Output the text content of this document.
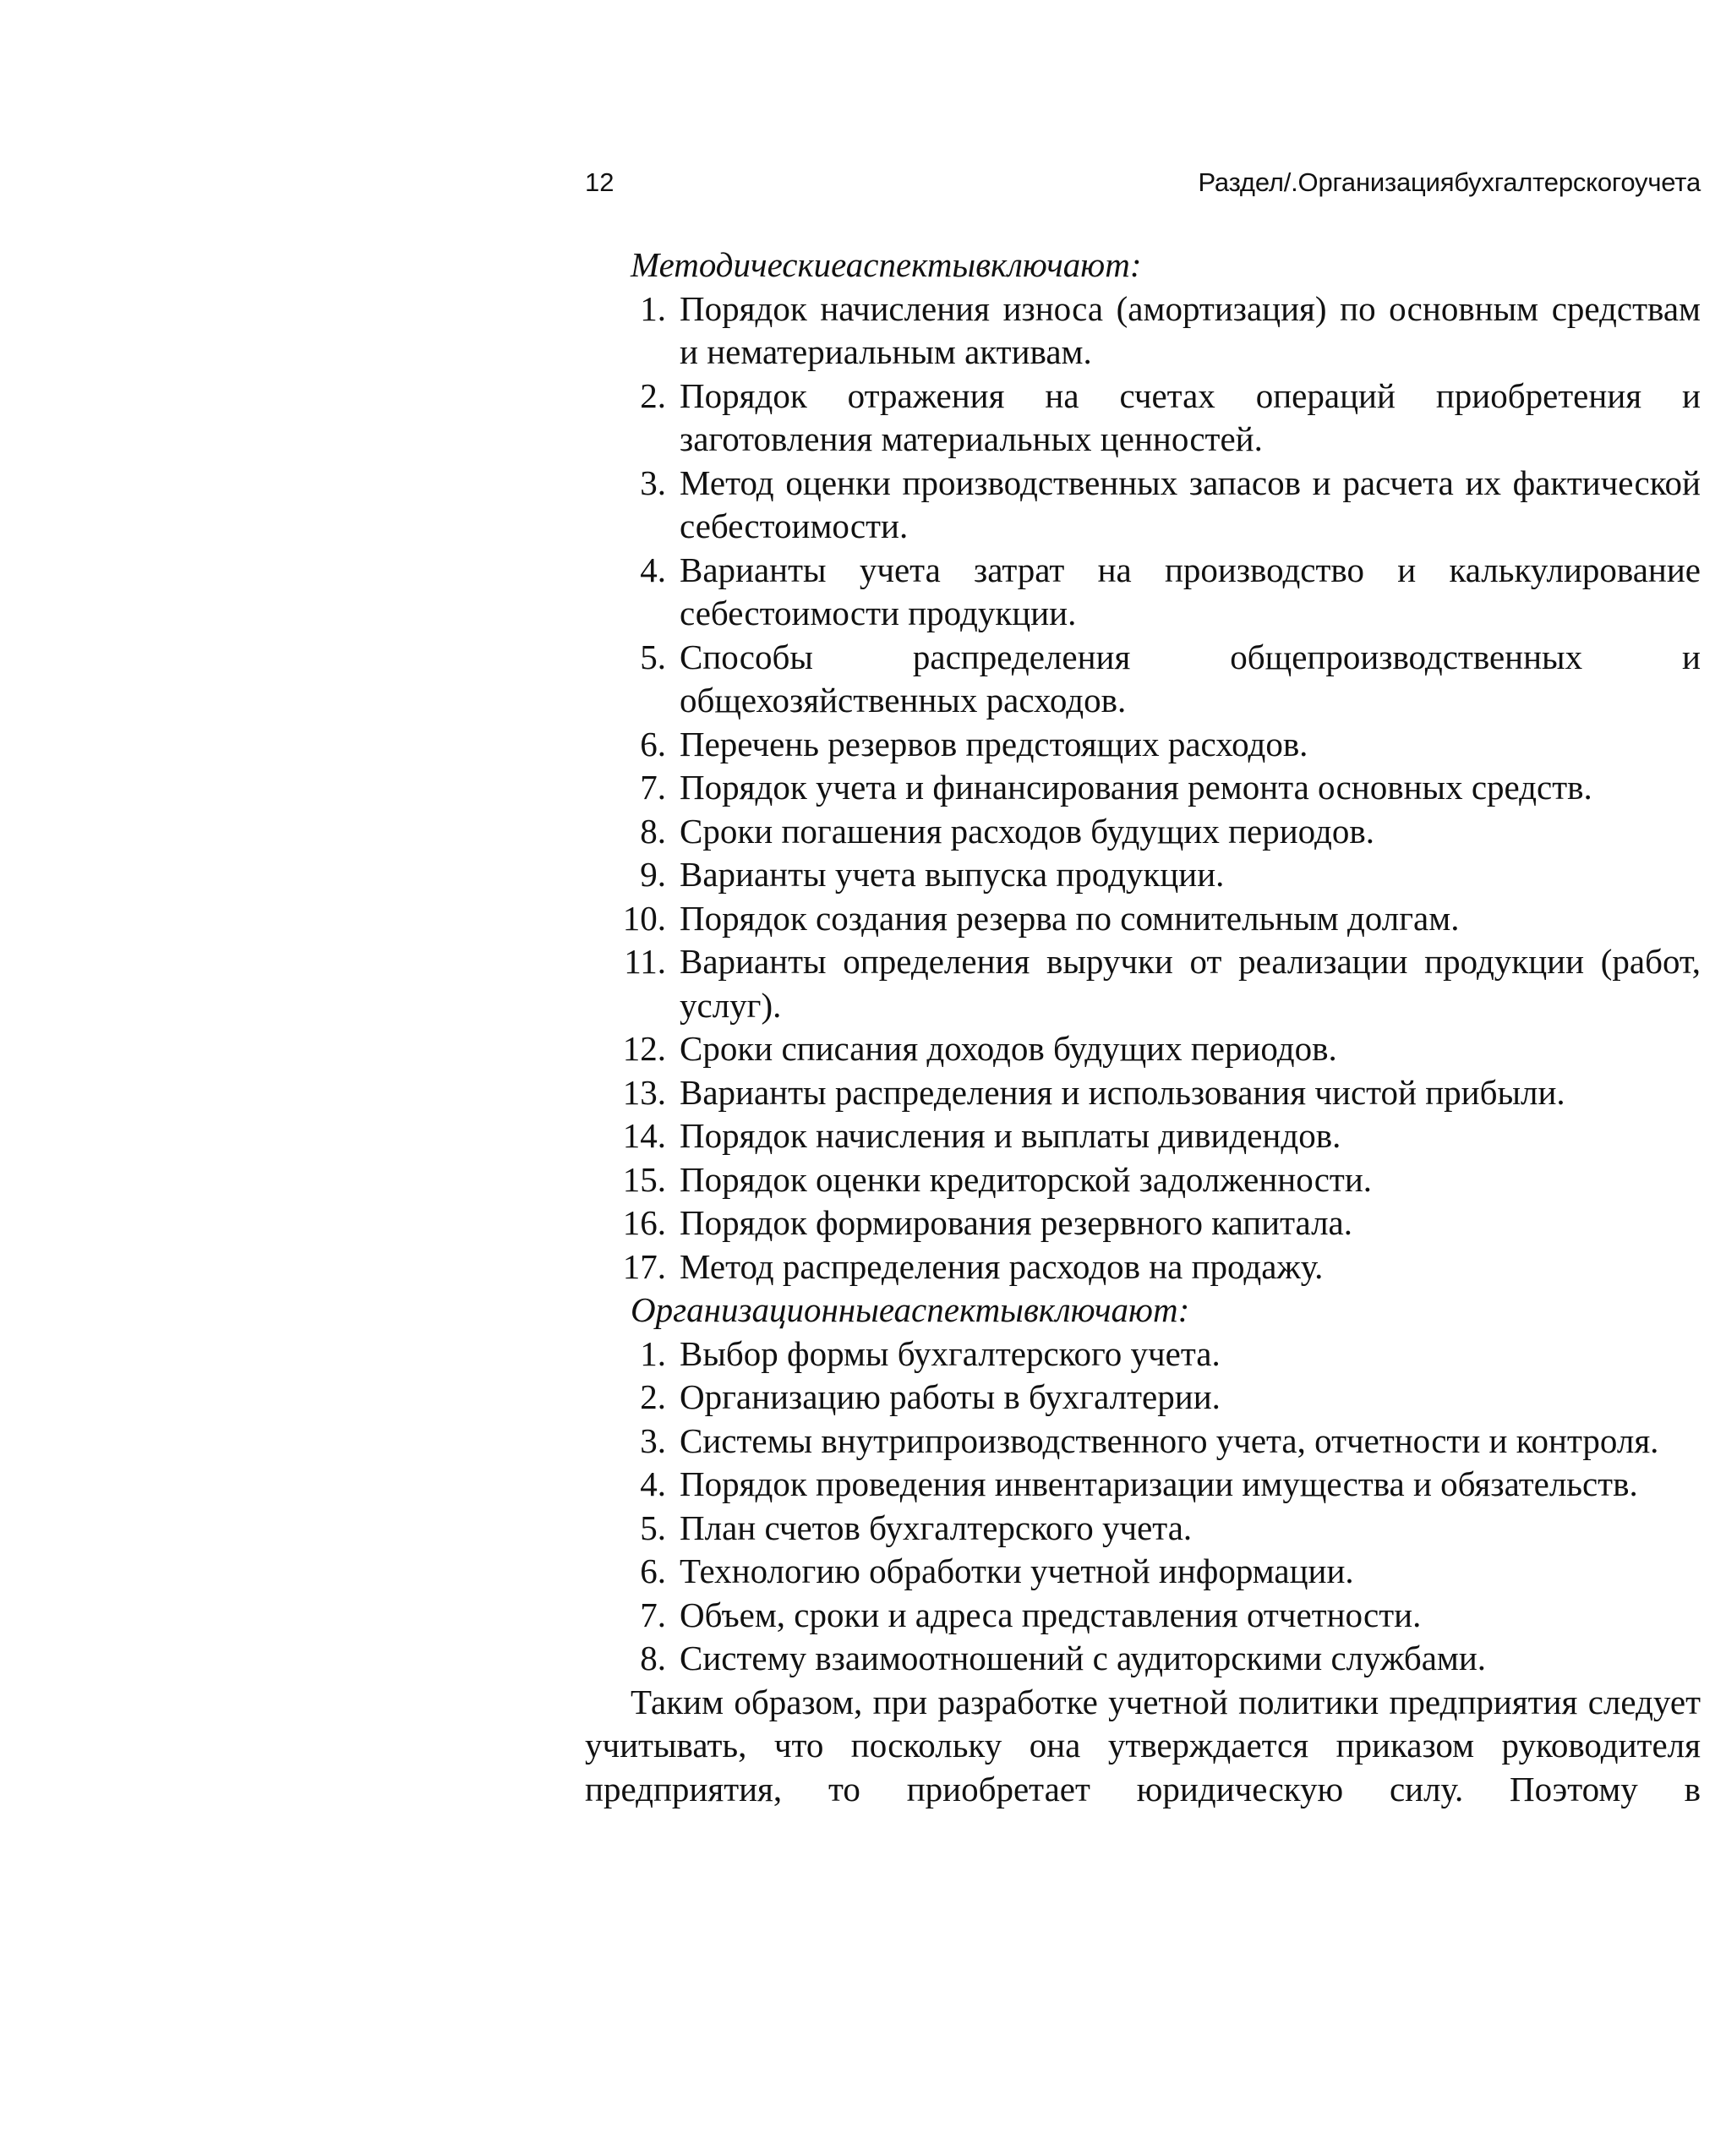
12	Раздел/.Организациябухгалтерскогоучета

Методическиеаспектывключают:

1. Порядок начисления износа (амортизация) по основным средствам и нематериальным активам.
2. Порядок отражения на счетах операций приобретения и заготовления материальных ценностей.
3. Метод оценки производственных запасов и расчета их фактической себестоимости.
4. Варианты учета затрат на производство и калькулирование себестоимости продукции.
5. Способы распределения общепроизводственных и общехозяйственных расходов.
6. Перечень резервов предстоящих расходов.
7. Порядок учета и финансирования ремонта основных средств.
8. Сроки погашения расходов будущих периодов.
9. Варианты учета выпуска продукции.
10. Порядок создания резерва по сомнительным долгам.
11. Варианты определения выручки от реализации продукции (работ, услуг).
12. Сроки списания доходов будущих периодов.
13. Варианты распределения и использования чистой прибыли.
14. Порядок начисления и выплаты дивидендов.
15. Порядок оценки кредиторской задолженности.
16. Порядок формирования резервного капитала.
17. Метод распределения расходов на продажу.

Организационныеаспектывключают:

1. Выбор формы бухгалтерского учета.
2. Организацию работы в бухгалтерии.
3. Системы внутрипроизводственного учета, отчетности и контроля.
4. Порядок проведения инвентаризации имущества и обязательств.
5. План счетов бухгалтерского учета.
6. Технологию обработки учетной информации.
7. Объем, сроки и адреса представления отчетности.
8. Систему взаимоотношений с аудиторскими службами.

Таким образом, при разработке учетной политики предприятия следует учитывать, что поскольку она утверждается приказом руководителя предприятия, то приобретает юридическую силу. Поэтому в
